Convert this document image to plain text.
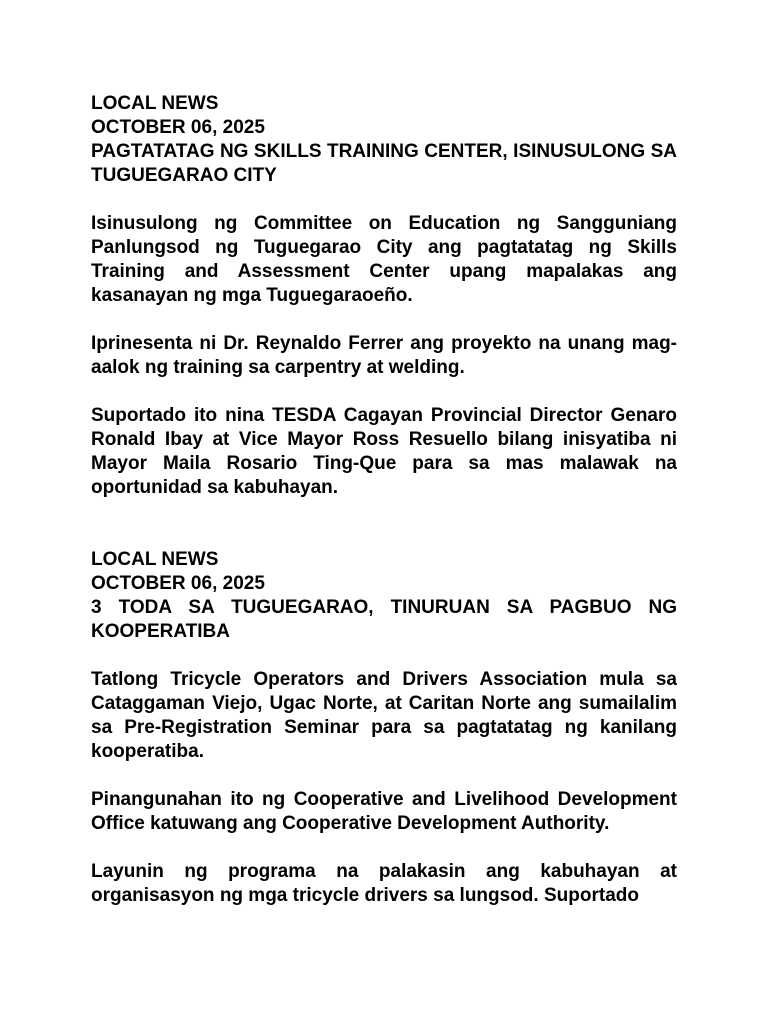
LOCAL NEWS
OCTOBER 06, 2025
PAGTATATAG NG SKILLS TRAINING CENTER, ISINUSULONG SA TUGUEGARAO CITY

Isinusulong ng Committee on Education ng Sangguniang Panlungsod ng Tuguegarao City ang pagtatatag ng Skills Training and Assessment Center upang mapalakas ang kasanayan ng mga Tuguegaraoeño.

Iprinesenta ni Dr. Reynaldo Ferrer ang proyekto na unang mag-aalok ng training sa carpentry at welding.

Suportado ito nina TESDA Cagayan Provincial Director Genaro Ronald Ibay at Vice Mayor Ross Resuello bilang inisyatiba ni Mayor Maila Rosario Ting-Que para sa mas malawak na oportunidad sa kabuhayan.

LOCAL NEWS
OCTOBER 06, 2025
3 TODA SA TUGUEGARAO, TINURUAN SA PAGBUO NG KOOPERATIBA

Tatlong Tricycle Operators and Drivers Association mula sa Cataggaman Viejo, Ugac Norte, at Caritan Norte ang sumailalim sa Pre-Registration Seminar para sa pagtatatag ng kanilang kooperatiba.

Pinangunahan ito ng Cooperative and Livelihood Development Office katuwang ang Cooperative Development Authority.

Layunin ng programa na palakasin ang kabuhayan at organisasyon ng mga tricycle drivers sa lungsod. Suportado
